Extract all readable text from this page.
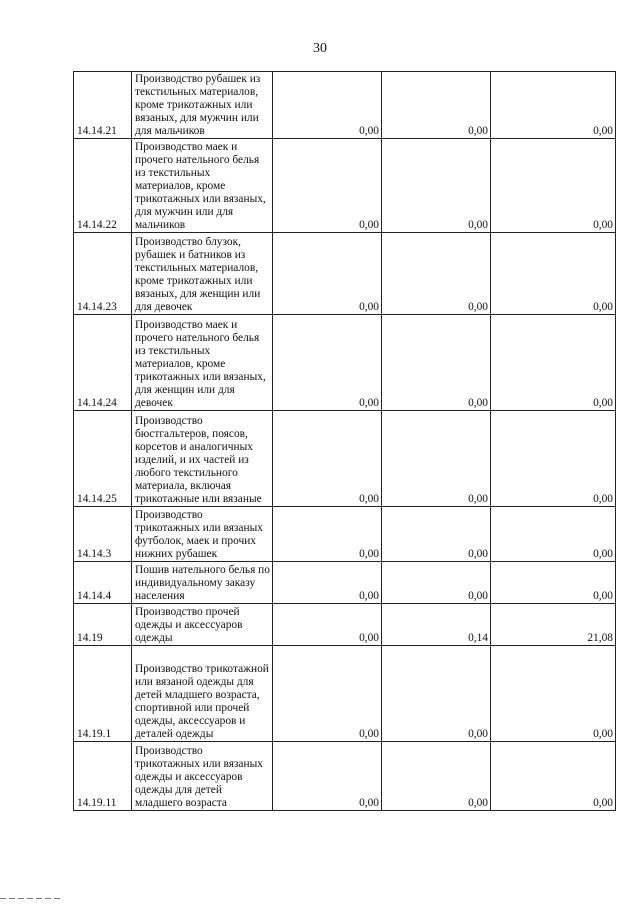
30
14.14.21	Производство рубашек из текстильных материалов, кроме трикотажных или вязаных, для мужчин или для мальчиков	0,00	0,00	0,00
14.14.22	Производство маек и прочего нательного белья из текстильных материалов, кроме трикотажных или вязаных, для мужчин или для мальчиков	0,00	0,00	0,00
14.14.23	Производство блузок, рубашек и батников из текстильных материалов, кроме трикотажных или вязаных, для женщин или для девочек	0,00	0,00	0,00
14.14.24	Производство маек и прочего нательного белья из текстильных материалов, кроме трикотажных или вязаных, для женщин или для девочек	0,00	0,00	0,00
14.14.25	Производство бюстгальтеров, поясов, корсетов и аналогичных изделий, и их частей из любого текстильного материала, включая трикотажные или вязаные	0,00	0,00	0,00
14.14.3	Производство трикотажных или вязаных футболок, маек и прочих нижних рубашек	0,00	0,00	0,00
14.14.4	Пошив нательного белья по индивидуальному заказу населения	0,00	0,00	0,00
14.19	Производство прочей одежды и аксессуаров одежды	0,00	0,14	21,08
14.19.1	Производство трикотажной или вязаной одежды для детей младшего возраста, спортивной или прочей одежды, аксессуаров и деталей одежды	0,00	0,00	0,00
14.19.11	Производство трикотажных или вязаных одежды и аксессуаров одежды для детей младшего возраста	0,00	0,00	0,00
